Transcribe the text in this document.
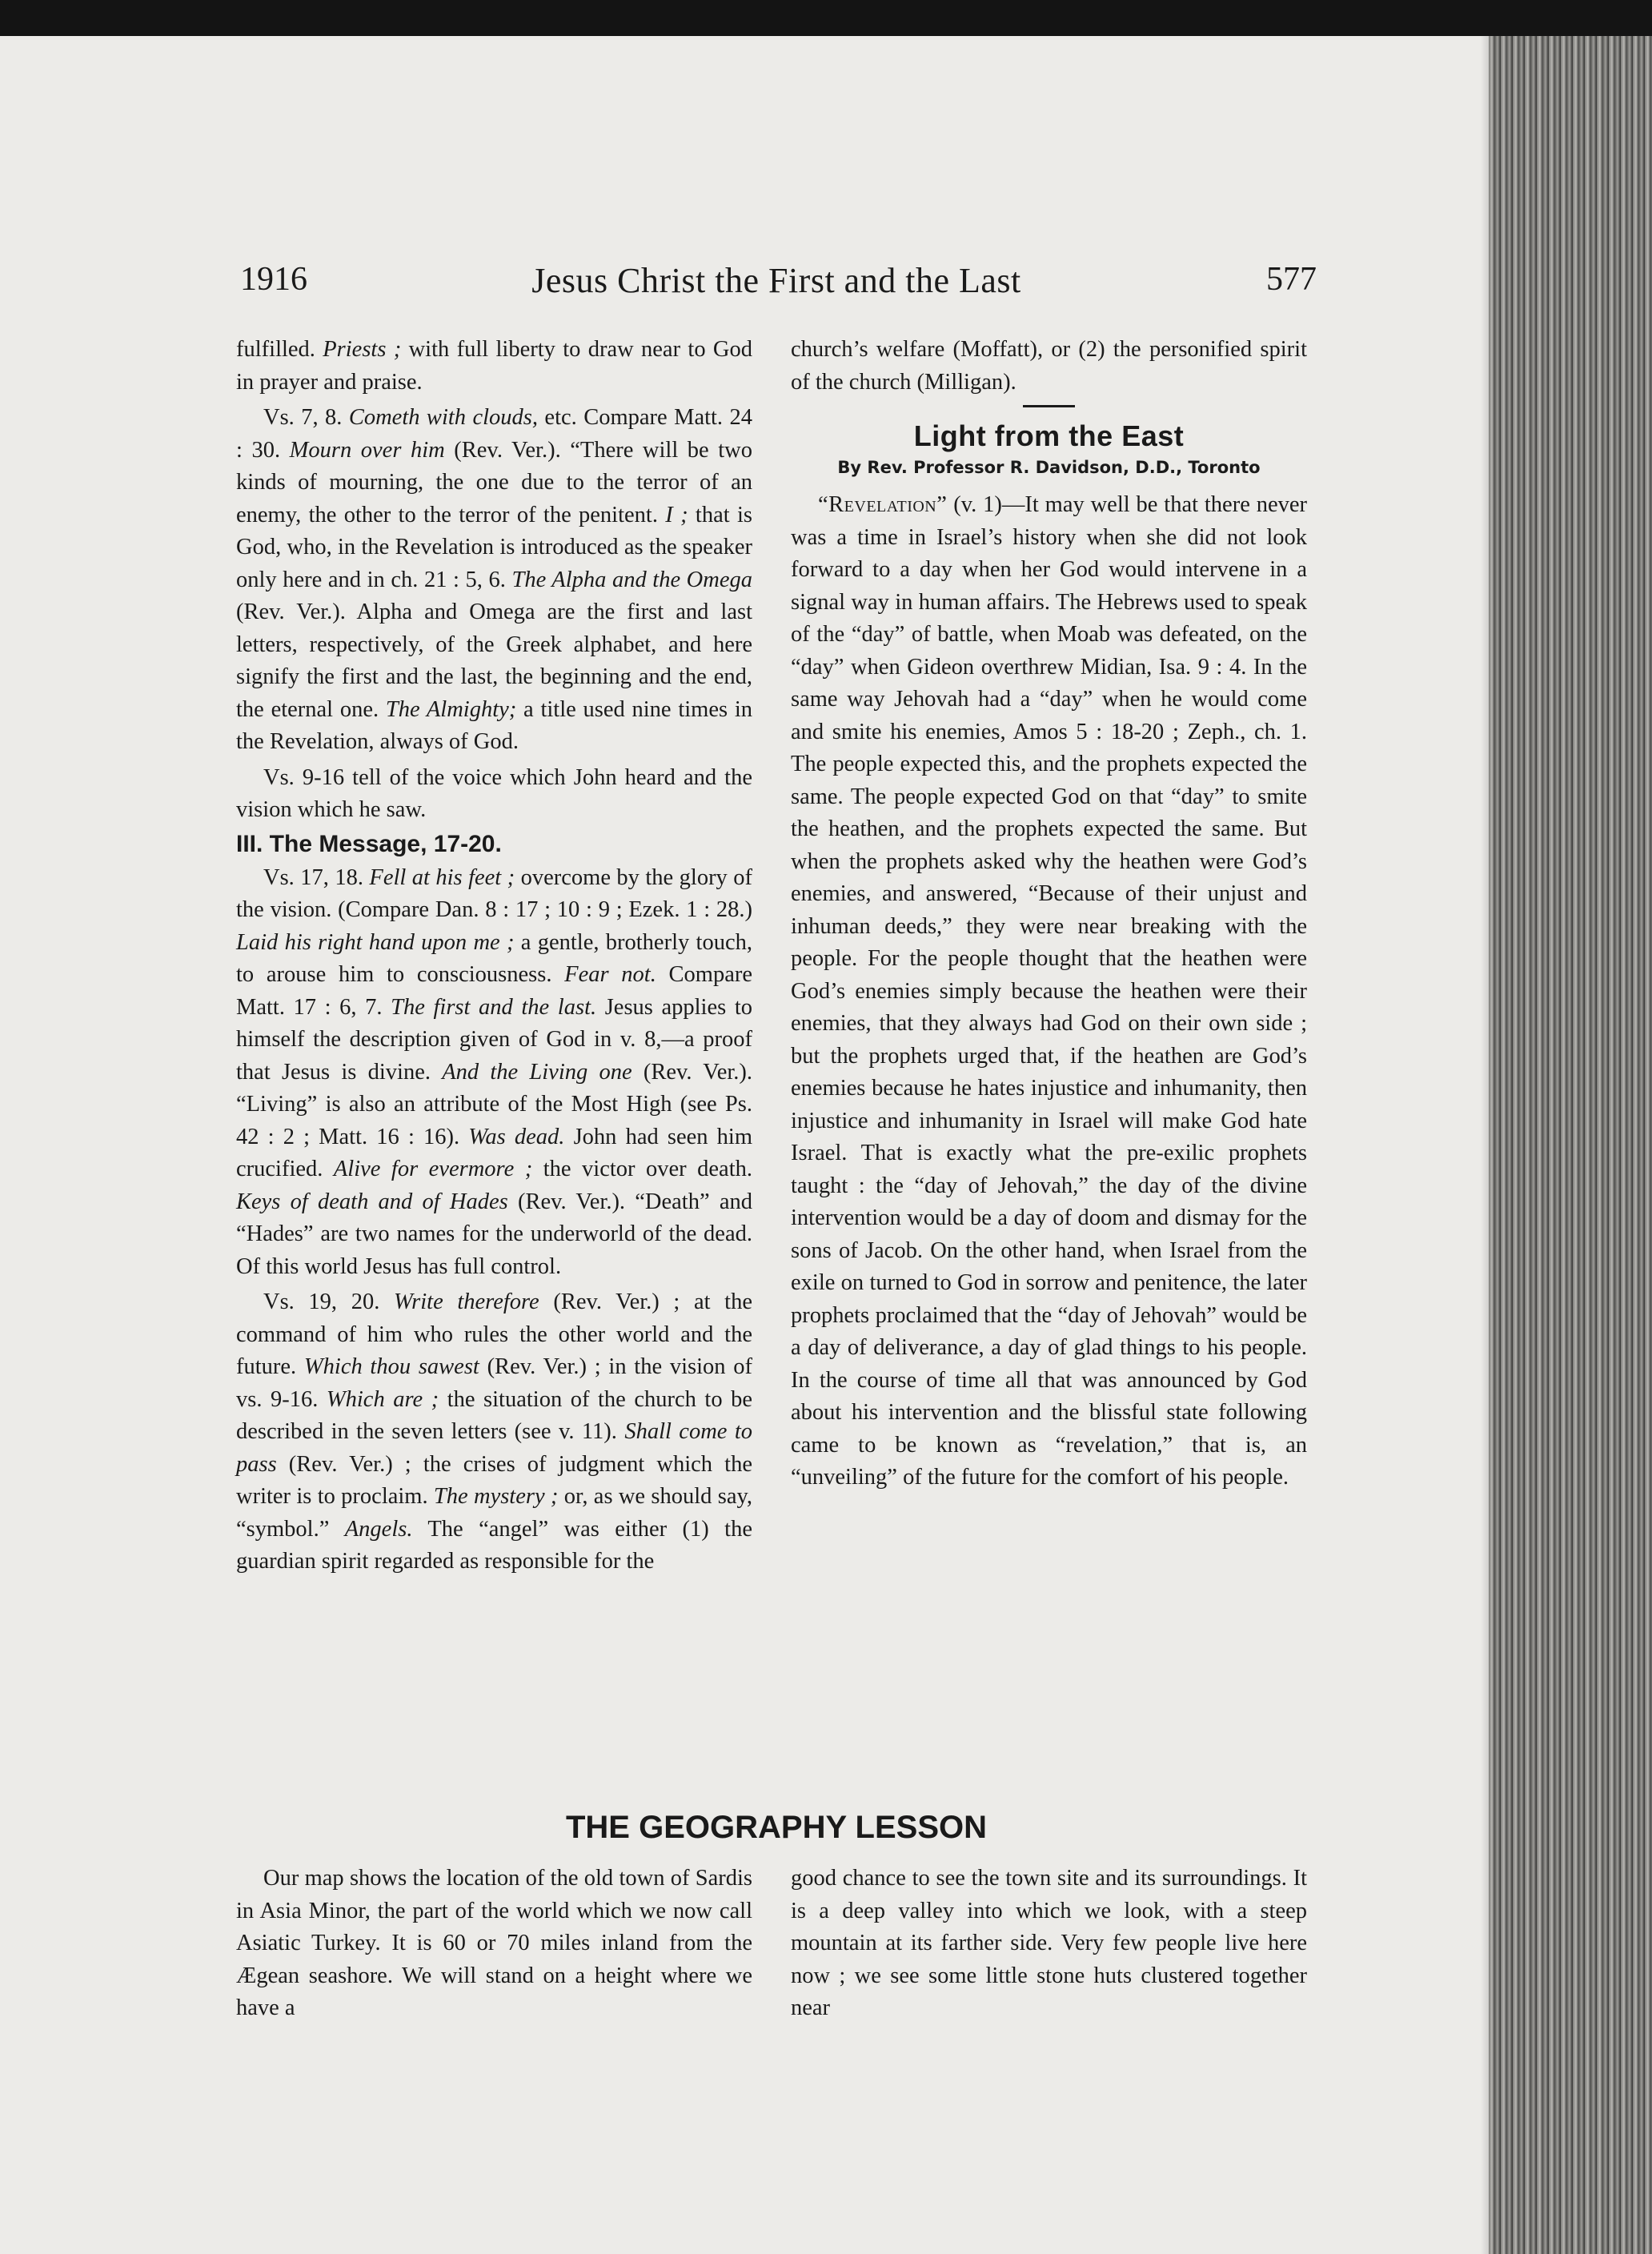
1916	Jesus Christ the First and the Last	577

fulfilled. Priests ; with full liberty to draw near to God in prayer and praise.

Vs. 7, 8. Cometh with clouds, etc. Compare Matt. 24 : 30. Mourn over him (Rev. Ver.). “There will be two kinds of mourning, the one due to the terror of an enemy, the other to the terror of the penitent. I ; that is God, who, in the Revelation is introduced as the speaker only here and in ch. 21 : 5, 6. The Alpha and the Omega (Rev. Ver.). Alpha and Omega are the first and last letters, respectively, of the Greek alphabet, and here signify the first and the last, the beginning and the end, the eternal one. The Almighty; a title used nine times in the Revelation, always of God.

Vs. 9-16 tell of the voice which John heard and the vision which he saw.

III. The Message, 17-20.

Vs. 17, 18. Fell at his feet ; overcome by the glory of the vision. (Compare Dan. 8 : 17 ; 10 : 9 ; Ezek. 1 : 28.) Laid his right hand upon me ; a gentle, brotherly touch, to arouse him to consciousness. Fear not. Compare Matt. 17 : 6, 7. The first and the last. Jesus applies to himself the description given of God in v. 8,—a proof that Jesus is divine. And the Living one (Rev. Ver.). “Living” is also an attribute of the Most High (see Ps. 42 : 2 ; Matt. 16 : 16). Was dead. John had seen him crucified. Alive for evermore ; the victor over death. Keys of death and of Hades (Rev. Ver.). “Death” and “Hades” are two names for the underworld of the dead. Of this world Jesus has full control.

Vs. 19, 20. Write therefore (Rev. Ver.) ; at the command of him who rules the other world and the future. Which thou sawest (Rev. Ver.) ; in the vision of vs. 9-16. Which are ; the situation of the church to be described in the seven letters (see v. 11). Shall come to pass (Rev. Ver.) ; the crises of judgment which the writer is to proclaim. The mystery ; or, as we should say, “symbol.” Angels. The “angel” was either (1) the guardian spirit regarded as responsible for the

church’s welfare (Moffatt), or (2) the personified spirit of the church (Milligan).

Light from the East

By Rev. Professor R. Davidson, D.D., Toronto

“Revelation” (v. 1)—It may well be that there never was a time in Israel’s history when she did not look forward to a day when her God would intervene in a signal way in human affairs. The Hebrews used to speak of the “day” of battle, when Moab was defeated, on the “day” when Gideon overthrew Midian, Isa. 9 : 4. In the same way Jehovah had a “day” when he would come and smite his enemies, Amos 5 : 18-20 ; Zeph., ch. 1. The people expected this, and the prophets expected the same. The people expected God on that “day” to smite the heathen, and the prophets expected the same. But when the prophets asked why the heathen were God’s enemies, and answered, “Because of their unjust and inhuman deeds,” they were near breaking with the people. For the people thought that the heathen were God’s enemies simply because the heathen were their enemies, that they always had God on their own side ; but the prophets urged that, if the heathen are God’s enemies because he hates injustice and inhumanity, then injustice and inhumanity in Israel will make God hate Israel. That is exactly what the pre-exilic prophets taught : the “day of Jehovah,” the day of the divine intervention would be a day of doom and dismay for the sons of Jacob. On the other hand, when Israel from the exile on turned to God in sorrow and penitence, the later prophets proclaimed that the “day of Jehovah” would be a day of deliverance, a day of glad things to his people. In the course of time all that was announced by God about his intervention and the blissful state following came to be known as “revelation,” that is, an “unveiling” of the future for the comfort of his people.

THE GEOGRAPHY LESSON

Our map shows the location of the old town of Sardis in Asia Minor, the part of the world which we now call Asiatic Turkey. It is 60 or 70 miles inland from the Ægean seashore. We will stand on a height where we have a

good chance to see the town site and its surroundings. It is a deep valley into which we look, with a steep mountain at its farther side. Very few people live here now ; we see some little stone huts clustered together near
